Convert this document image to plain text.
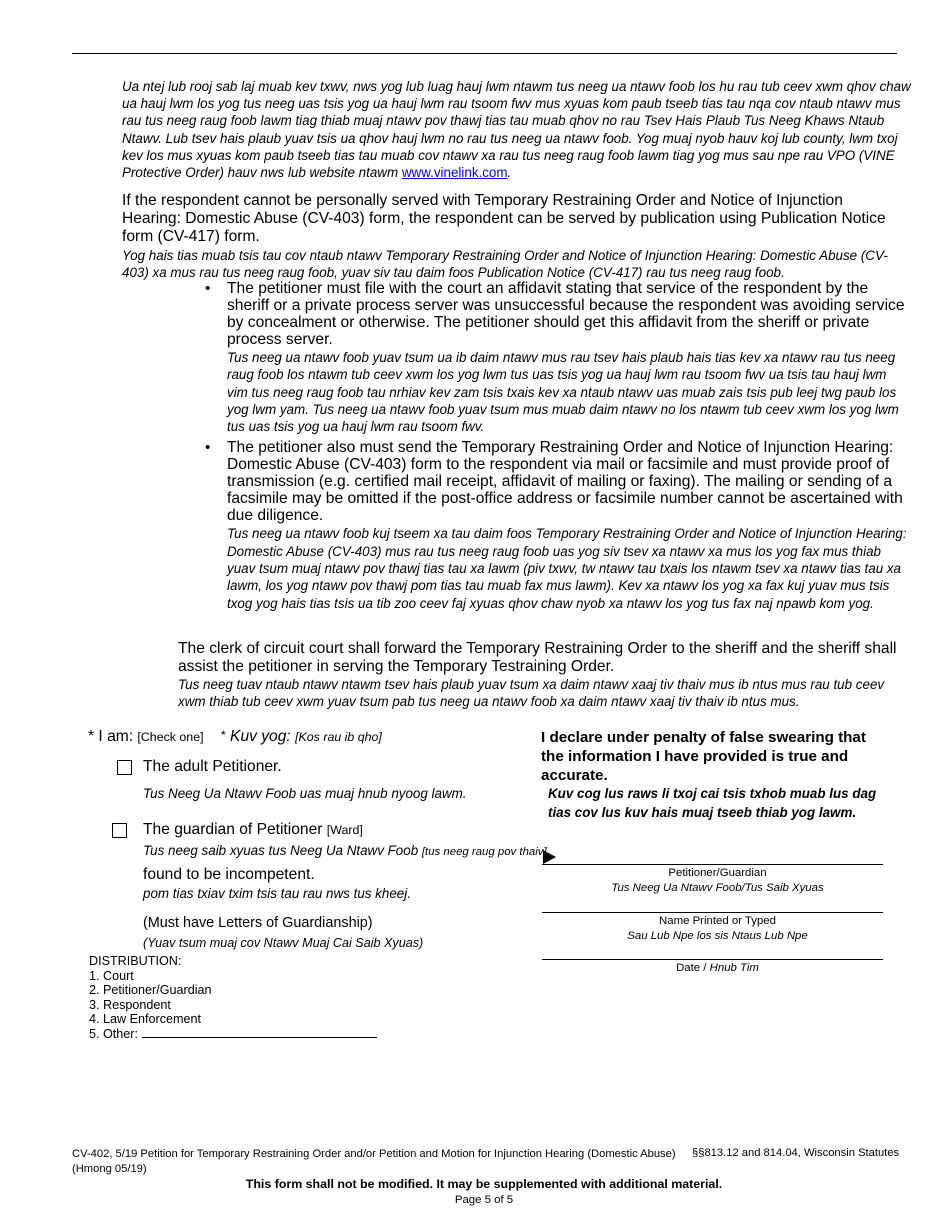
Ua ntej lub rooj sab laj muab kev txwv, nws yog lub luag hauj lwm ntawm tus neeg ua ntawv foob los hu rau tub ceev xwm qhov chaw ua hauj lwm los yog tus neeg uas tsis yog ua hauj lwm rau tsoom fwv mus xyuas kom paub tseeb tias tau nqa cov ntaub ntawv mus rau tus neeg raug foob lawm tiag thiab muaj ntawv pov thawj tias tau muab qhov no rau Tsev Hais Plaub Tus Neeg Khaws Ntaub Ntawv. Lub tsev hais plaub yuav tsis ua qhov hauj lwm no rau tus neeg ua ntawv foob. Yog muaj nyob hauv koj lub county, lwm txoj kev los mus xyuas kom paub tseeb tias tau muab cov ntawv xa rau tus neeg raug foob lawm tiag yog mus sau npe rau VPO (VINE Protective Order) hauv nws lub website ntawm www.vinelink.com.
If the respondent cannot be personally served with Temporary Restraining Order and Notice of Injunction Hearing: Domestic Abuse (CV-403) form, the respondent can be served by publication using Publication Notice form (CV-417) form.
Yog hais tias muab tsis tau cov ntaub ntawv Temporary Restraining Order and Notice of Injunction Hearing: Domestic Abuse (CV-403) xa mus rau tus neeg raug foob, yuav siv tau daim foos Publication Notice (CV-417) rau tus neeg raug foob.
• The petitioner must file with the court an affidavit stating that service of the respondent by the sheriff or a private process server was unsuccessful because the respondent was avoiding service by concealment or otherwise. The petitioner should get this affidavit from the sheriff or private process server.
Tus neeg ua ntawv foob yuav tsum ua ib daim ntawv mus rau tsev hais plaub hais tias kev xa ntawv rau tus neeg raug foob los ntawm tub ceev xwm los yog lwm tus uas tsis yog ua hauj lwm rau tsoom fwv ua tsis tau hauj lwm vim tus neeg raug foob tau nrhiav kev zam tsis txais kev xa ntaub ntawv uas muab zais tsis pub leej twg paub los yog lwm yam. Tus neeg ua ntawv foob yuav tsum mus muab daim ntawv no los ntawm tub ceev xwm los yog lwm tus uas tsis yog ua hauj lwm rau tsoom fwv.
• The petitioner also must send the Temporary Restraining Order and Notice of Injunction Hearing: Domestic Abuse (CV-403) form to the respondent via mail or facsimile and must provide proof of transmission (e.g. certified mail receipt, affidavit of mailing or faxing). The mailing or sending of a facsimile may be omitted if the post-office address or facsimile number cannot be ascertained with due diligence.
Tus neeg ua ntawv foob kuj tseem xa tau daim foos Temporary Restraining Order and Notice of Injunction Hearing: Domestic Abuse (CV-403) mus rau tus neeg raug foob uas yog siv tsev xa ntawv xa mus los yog fax mus thiab yuav tsum muaj ntawv pov thawj tias tau xa lawm (piv txwv, tw ntawv tau txais los ntawm tsev xa ntawv tias tau xa lawm, los yog ntawv pov thawj pom tias tau muab fax mus lawm). Kev xa ntawv los yog xa fax kuj yuav mus tsis txog yog hais tias tsis ua tib zoo ceev faj xyuas qhov chaw nyob xa ntawv los yog tus fax naj npawb kom yog.
The clerk of circuit court shall forward the Temporary Restraining Order to the sheriff and the sheriff shall assist the petitioner in serving the Temporary Testraining Order.
Tus neeg tuav ntaub ntawv ntawm tsev hais plaub yuav tsum xa daim ntawv xaaj tiv thaiv mus ib ntus mus rau tub ceev xwm thiab tub ceev xwm yuav tsum pab tus neeg ua ntawv foob xa daim ntawv xaaj tiv thaiv ib ntus mus.
* I am: [Check one] * Kuv yog: [Kos rau ib qho]
The adult Petitioner.
Tus Neeg Ua Ntawv Foob uas muaj hnub nyoog lawm.
The guardian of Petitioner [Ward]
Tus neeg saib xyuas tus Neeg Ua Ntawv Foob [tus neeg raug pov thaiv]
found to be incompetent.
pom tias txiav txim tsis tau rau nws tus kheej.
(Must have Letters of Guardianship)
(Yuav tsum muaj cov Ntawv Muaj Cai Saib Xyuas)
DISTRIBUTION:
1. Court
2. Petitioner/Guardian
3. Respondent
4. Law Enforcement
5. Other:
I declare under penalty of false swearing that the information I have provided is true and accurate.
Kuv cog lus raws li txoj cai tsis txhob muab lus dag tias cov lus kuv hais muaj tseeb thiab yog lawm.
Petitioner/Guardian
Tus Neeg Ua Ntawv Foob/Tus Saib Xyuas
Name Printed or Typed
Sau Lub Npe los sis Ntaus Lub Npe
Date / Hnub Tim
CV-402, 5/19 Petition for Temporary Restraining Order and/or Petition and Motion for Injunction Hearing (Domestic Abuse)
(Hmong 05/19)
§§813.12 and 814.04, Wisconsin Statutes
This form shall not be modified. It may be supplemented with additional material.
Page 5 of 5
